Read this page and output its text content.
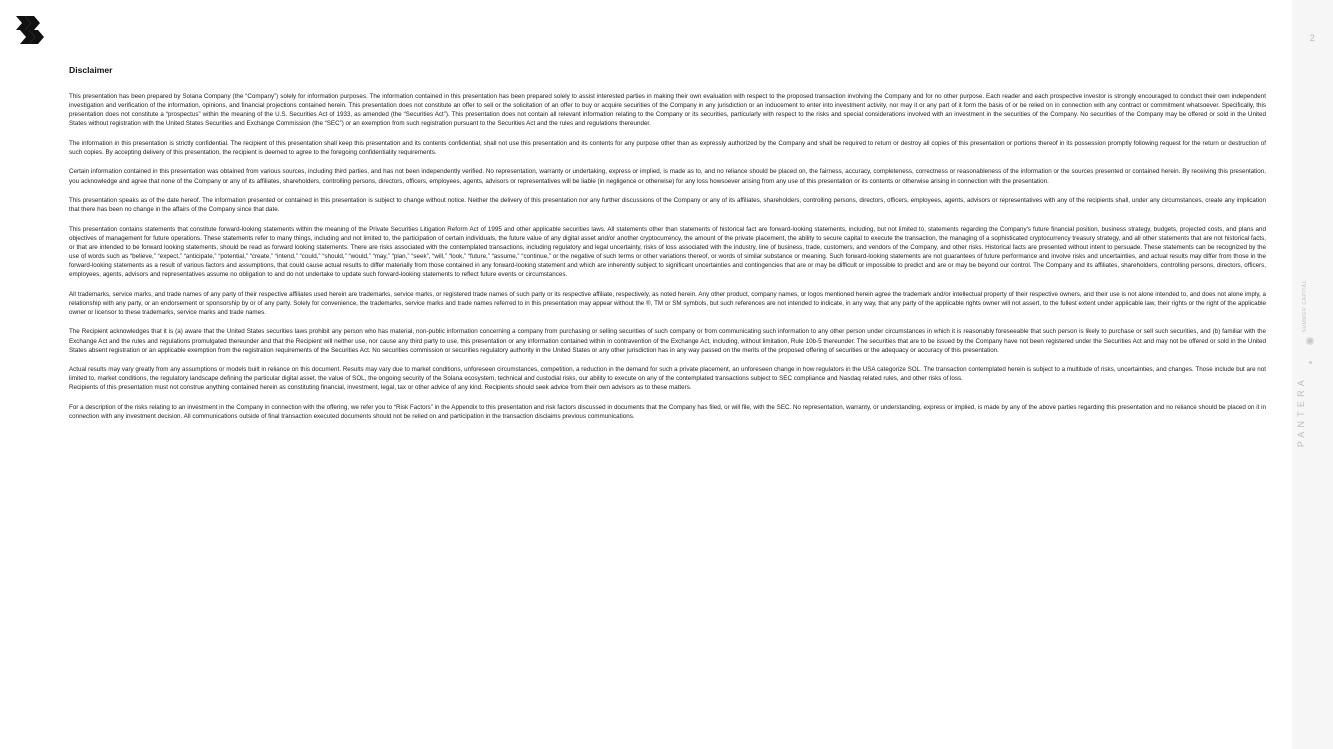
Disclaimer

This presentation has been prepared by Solana Company (the “Company”) solely for information purposes. The information contained in this presentation has been prepared solely to assist interested parties in making their own evaluation with respect to the proposed transaction involving the Company and for no other purpose. Each reader and each prospective investor is strongly encouraged to conduct their own independent investigation and verification of the information, opinions, and financial projections contained herein. This presentation does not constitute an offer to sell or the solicitation of an offer to buy or acquire securities of the Company in any jurisdiction or an inducement to enter into investment activity, nor may it or any part of it form the basis of or be relied on in connection with any contract or commitment whatsoever. Specifically, this presentation does not constitute a “prospectus” within the meaning of the U.S. Securities Act of 1933, as amended (the “Securities Act”). This presentation does not contain all relevant information relating to the Company or its securities, particularly with respect to the risks and special considerations involved with an investment in the securities of the Company. No securities of the Company may be offered or sold in the United States without registration with the United States Securities and Exchange Commission (the “SEC”) or an exemption from such registration pursuant to the Securities Act and the rules and regulations thereunder.

The information in this presentation is strictly confidential. The recipient of this presentation shall keep this presentation and its contents confidential, shall not use this presentation and its contents for any purpose other than as expressly authorized by the Company and shall be required to return or destroy all copies of this presentation or portions thereof in its possession promptly following request for the return or destruction of such copies. By accepting delivery of this presentation, the recipient is deemed to agree to the foregoing confidentiality requirements.

Certain information contained in this presentation was obtained from various sources, including third parties, and has not been independently verified. No representation, warranty or undertaking, express or implied, is made as to, and no reliance should be placed on, the fairness, accuracy, completeness, correctness or reasonableness of the information or the sources presented or contained herein. By receiving this presentation, you acknowledge and agree that none of the Company or any of its affiliates, shareholders, controlling persons, directors, officers, employees, agents, advisors or representatives will be liable (in negligence or otherwise) for any loss howsoever arising from any use of this presentation or its contents or otherwise arising in connection with the presentation.

This presentation speaks as of the date hereof. The information presented or contained in this presentation is subject to change without notice. Neither the delivery of this presentation nor any further discussions of the Company or any of its affiliates, shareholders, controlling persons, directors, officers, employees, agents, advisors or representatives with any of the recipients shall, under any circumstances, create any implication that there has been no change in the affairs of the Company since that date.

This presentation contains statements that constitute forward-looking statements within the meaning of the Private Securities Litigation Reform Act of 1995 and other applicable securities laws. All statements other than statements of historical fact are forward-looking statements, including, but not limited to, statements regarding the Company's future financial position, business strategy, budgets, projected costs, and plans and objectives of management for future operations. These statements refer to many things, including and not limited to, the participation of certain individuals, the future value of any digital asset and/or another cryptocurrency, the amount of the private placement, the ability to secure capital to execute the transaction, the managing of a sophisticated cryptocurrency treasury strategy, and all other statements that are not historical facts, or that are intended to be forward looking statements, should be read as forward looking statements. There are risks associated with the contemplated transactions, including regulatory and legal uncertainty, risks of loss associated with the industry, line of business, trade, customers, and vendors of the Company, and other risks. Historical facts are presented without intent to persuade. These statements can be recognized by the use of words such as “believe,” “expect,” “anticipate,” “potential,” “create,” “intend,” “could,” “should,” “would,” “may,” “plan,” “seek”, “will,” “look,” “future,” “assume,” “continue,” or the negative of such terms or other variations thereof, or words of similar substance or meaning. Such forward-looking statements are not guarantees of future performance and involve risks and uncertainties, and actual results may differ from those in the forward-looking statements as a result of various factors and assumptions, that could cause actual results to differ materially from those contained in any forward-looking statement and which are inherently subject to significant uncertainties and contingencies that are or may be difficult or impossible to predict and are or may be beyond our control. The Company and its affiliates, shareholders, controlling persons, directors, officers, employees, agents, advisors and representatives assume no obligation to and do not undertake to update such forward-looking statements to reflect future events or circumstances.

All trademarks, service marks, and trade names of any party of their respective affiliates used herein are trademarks, service marks, or registered trade names of such party or its respective affiliate, respectively, as noted herein. Any other product, company names, or logos mentioned herein agree the trademark and/or intellectual property of their respective owners, and their use is not alone intended to, and does not alone imply, a relationship with any party, or an endorsement or sponsorship by or of any party. Solely for convenience, the trademarks, service marks and trade names referred to in this presentation may appear without the ®, TM or SM symbols, but such references are not intended to indicate, in any way, that any party of the applicable rights owner will not assert, to the fullest extent under applicable law, their rights or the right of the applicable owner or licensor to these trademarks, service marks and trade names.

The Recipient acknowledges that it is (a) aware that the United States securities laws prohibit any person who has material, non-public information concerning a company from purchasing or selling securities of such company or from communicating such information to any other person under circumstances in which it is reasonably foreseeable that such person is likely to purchase or sell such securities, and (b) familiar with the Exchange Act and the rules and regulations promulgated thereunder and that the Recipient will neither use, nor cause any third party to use, this presentation or any information contained within in contravention of the Exchange Act, including, without limitation, Rule 10b-5 thereunder. The securities that are to be issued by the Company have not been registered under the Securities Act and may not be offered or sold in the United States absent registration or an applicable exemption from the registration requirements of the Securities Act. No securities commission or securities regulatory authority in the United States or any other jurisdiction has in any way passed on the merits of the proposed offering of securities or the adequacy or accuracy of this presentation.

Actual results may vary greatly from any assumptions or models built in reliance on this document. Results may vary due to market conditions, unforeseen circumstances, competition, a reduction in the demand for such a private placement, an unforeseen change in how regulators in the USA categorize SOL. The transaction contemplated herein is subject to a multitude of risks, uncertainties, and changes. Those include but are not limited to, market conditions, the regulatory landscape defining the particular digital asset, the value of SOL, the ongoing security of the Solana ecosystem, technical and custodial risks, our ability to execute on any of the contemplated transactions subject to SEC compliance and Nasdaq related rules, and other risks of loss.

Recipients of this presentation must not construe anything contained herein as constituting financial, investment, legal, tax or other advice of any kind. Recipients should seek advice from their own advisors as to these matters.

For a description of the risks relating to an investment in the Company in connection with the offering, we refer you to “Risk Factors” in the Appendix to this presentation and risk factors discussed in documents that the Company has filed, or will file, with the SEC. No representation, warranty, or understanding, express or implied, is made by any of the above parties regarding this presentation and no reliance should be placed on it in connection with any investment decision. All communications outside of final transaction executed documents should not be relied on and participation in the transaction disclaims previous communications.

2
SUMMER CAPITAL
PANTERA
✺
